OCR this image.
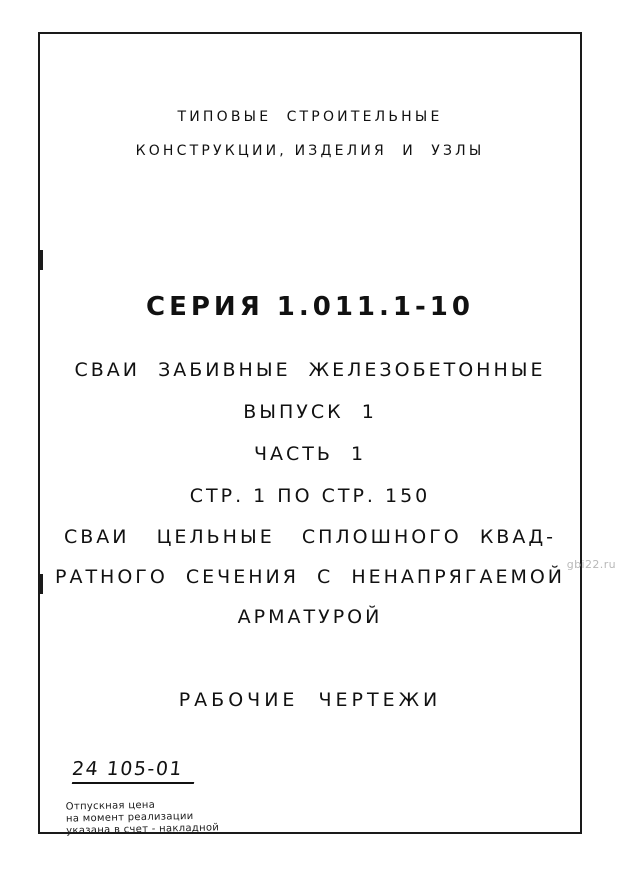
ТИПОВЫЕ  СТРОИТЕЛЬНЫЕ
КОНСТРУКЦИИ, ИЗДЕЛИЯ  И  УЗЛЫ
СЕРИЯ 1.011.1-10
СВАИ  ЗАБИВНЫЕ  ЖЕЛЕЗОБЕТОННЫЕ
ВЫПУСК  1
ЧАСТЬ  1
СТР. 1 ПО СТР. 150
СВАИ   ЦЕЛЬНЫЕ   СПЛОШНОГО  КВАД-
РАТНОГО  СЕЧЕНИЯ  С  НЕНАПРЯГАЕМОЙ
АРМАТУРОЙ
РАБОЧИЕ  ЧЕРТЕЖИ
24 105-01
Отпускная цена
на момент реализации
указана в счет - накладной
gbi22.ru
